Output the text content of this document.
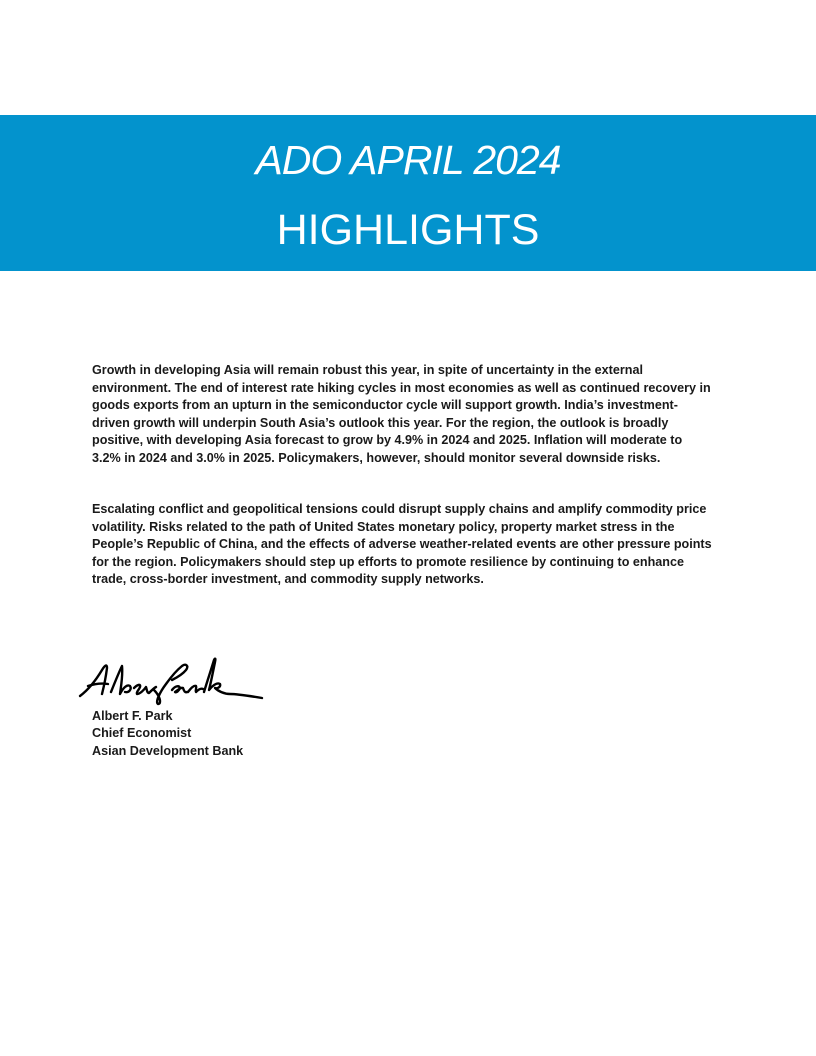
ADO APRIL 2024
HIGHLIGHTS

Growth in developing Asia will remain robust this year, in spite of uncertainty in the external environment. The end of interest rate hiking cycles in most economies as well as continued recovery in goods exports from an upturn in the semiconductor cycle will support growth. India’s investment-driven growth will underpin South Asia’s outlook this year. For the region, the outlook is broadly positive, with developing Asia forecast to grow by 4.9% in 2024 and 2025. Inflation will moderate to 3.2% in 2024 and 3.0% in 2025. Policymakers, however, should monitor several downside risks.

Escalating conflict and geopolitical tensions could disrupt supply chains and amplify commodity price volatility. Risks related to the path of United States monetary policy, property market stress in the People’s Republic of China, and the effects of adverse weather-related events are other pressure points for the region. Policymakers should step up efforts to promote resilience by continuing to enhance trade, cross-border investment, and commodity supply networks.

Albert F. Park
Chief Economist
Asian Development Bank
